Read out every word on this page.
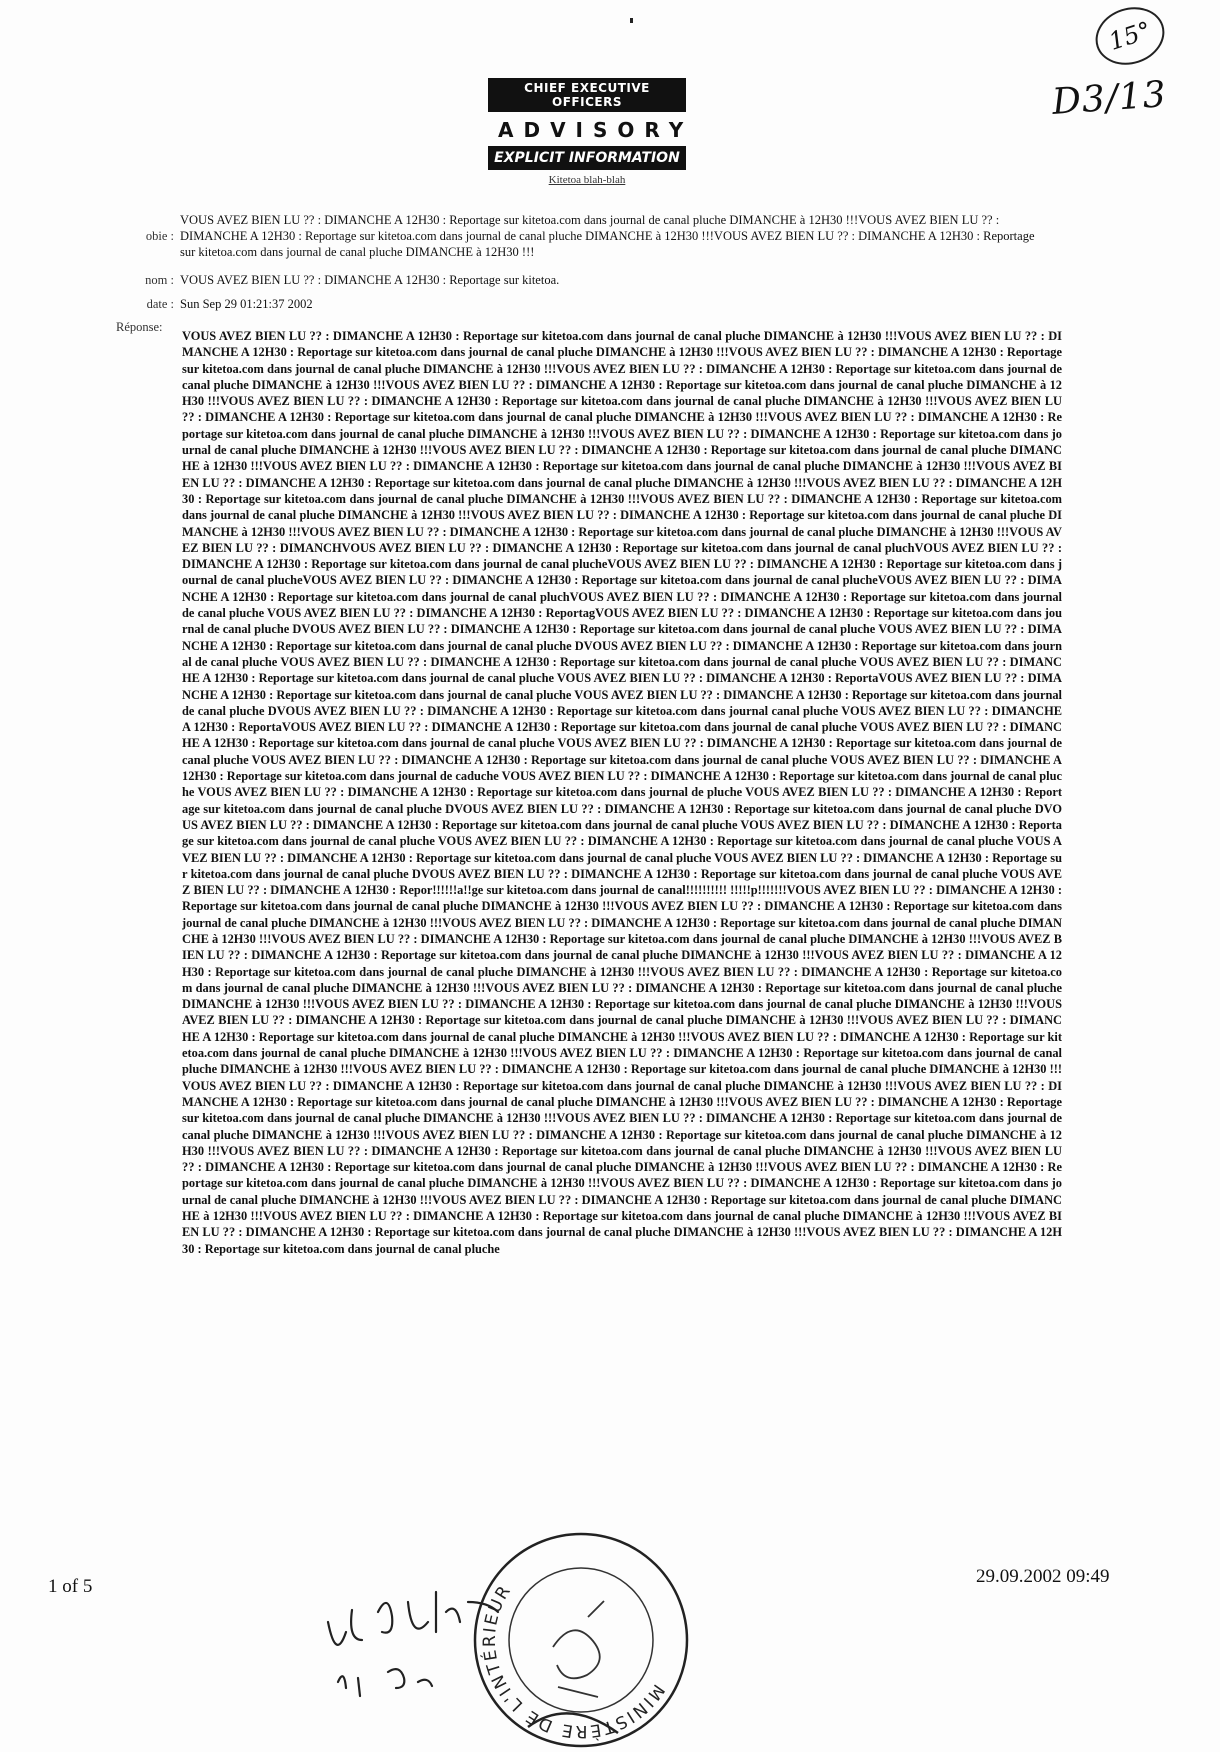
15°
D3/13
CHIEF EXECUTIVE OFFICERS
ADVISORY
EXPLICIT INFORMATION
Kitetoa blah-blah
obie :
VOUS AVEZ BIEN LU ?? : DIMANCHE A 12H30 : Reportage sur kitetoa.com dans journal de canal pluche DIMANCHE à 12H30 !!!VOUS AVEZ BIEN LU ?? : DIMANCHE A 12H30 : Reportage sur kitetoa.com dans journal de canal pluche DIMANCHE à 12H30 !!!VOUS AVEZ BIEN LU ?? : DIMANCHE A 12H30 : Reportage sur kitetoa.com dans journal de canal pluche DIMANCHE à 12H30 !!!
nom : VOUS AVEZ BIEN LU ?? : DIMANCHE A 12H30 : Reportage sur kitetoa.
date : Sun Sep 29 01:21:37 2002
Réponse:
VOUS AVEZ BIEN LU ?? : DIMANCHE A 12H30 : Reportage sur kitetoa.com dans journal de canal pluche DIMANCHE à 12H30 !!!VOUS AVEZ BIEN LU ?? : DIMANCHE A 12H30 : Reportage sur kitetoa.com dans journal de canal pluche DIMANCHE à 12H30 !!!VOUS AVEZ BIEN LU ?? : DIMANCHE A 12H30 : Reportage sur kitetoa.com dans journal de canal pluche DIMANCHE à 12H30 !!!VOUS AVEZ BIEN LU ?? : DIMANCHE A 12H30 : Reportage sur kitetoa.com dans journal de canal pluche DIMANCHE à 12H30 !!!VOUS AVEZ BIEN LU ?? : DIMANCHE A 12H30 : Reportage sur kitetoa.com dans journal de canal pluche DIMANCHE à 12H30 !!!VOUS AVEZ BIEN LU ?? : DIMANCHE A 12H30 : Reportage sur kitetoa.com dans journal de canal pluche DIMANCHE à 12H30 !!!VOUS AVEZ BIEN LU ?? : DIMANCHE A 12H30 : Reportage sur kitetoa.com dans journal de canal pluche DIMANCHE à 12H30 !!!VOUS AVEZ BIEN LU ?? : DIMANCHE A 12H30 : Reportage sur kitetoa.com dans journal de canal pluche DIMANCHE à 12H30 !!!VOUS AVEZ BIEN LU ?? : DIMANCHE A 12H30 : Reportage sur kitetoa.com dans journal de canal pluche DIMANCHE à 12H30 !!!VOUS AVEZ BIEN LU ?? : DIMANCHE A 12H30 : Reportage sur kitetoa.com dans journal de canal pluche DIMANCHE à 12H30 !!!VOUS AVEZ BIEN LU ?? : DIMANCHE A 12H30 : Reportage sur kitetoa.com dans journal de canal pluche DIMANCHE à 12H30 !!!VOUS AVEZ BIEN LU ?? : DIMANCHE A 12H30 : Reportage sur kitetoa.com dans journal de canal pluche DIMANCHE à 12H30 !!!VOUS AVEZ BIEN LU ?? : DIMANCHE A 12H30 : Reportage sur kitetoa.com dans journal de canal pluche DIMANCHE à 12H30 !!!VOUS AVEZ BIEN LU ?? : DIMANCHE A 12H30 : Reportage sur kitetoa.com dans journal de canal pluche DIMANCHE à 12H30 !!!VOUS AVEZ BIEN LU ?? : DIMANCHE A 12H30 : Reportage sur kitetoa.com dans journal de canal pluche DIMANCHE à 12H30 !!!VOUS AVEZ BIEN LU ?? : DIMANCHE A 12H30 : Reportage sur kitetoa.com dans journal de canal pluche DIMANCHE à 12H30 !!!VOUS AVEZ BIEN LU ?? : DIMANCHVOUS AVEZ BIEN LU ?? : DIMANCHE A 12H30 : Reportage sur kitetoa.com dans journal de canal pluchVOUS AVEZ BIEN LU ?? : DIMANCHE A 12H30 : Reportage sur kitetoa.com dans journal de canal plucheVOUS AVEZ BIEN LU ?? : DIMANCHE A 12H30 : Reportage sur kitetoa.com dans journal de canal plucheVOUS AVEZ BIEN LU ?? : DIMANCHE A 12H30 : Reportage sur kitetoa.com dans journal de canal plucheVOUS AVEZ BIEN LU ?? : DIMANCHE A 12H30 : Reportage sur kitetoa.com dans journal de canal pluchVOUS AVEZ BIEN LU ?? : DIMANCHE A 12H30 : Reportage sur kitetoa.com dans journal de canal pluche VOUS AVEZ BIEN LU ?? : DIMANCHE A 12H30 : ReportagVOUS AVEZ BIEN LU ?? : DIMANCHE A 12H30 : Reportage sur kitetoa.com dans journal de canal pluche DVOUS AVEZ BIEN LU ?? : DIMANCHE A 12H30 : Reportage sur kitetoa.com dans journal de canal pluche VOUS AVEZ BIEN LU ?? : DIMANCHE A 12H30 : Reportage sur kitetoa.com dans journal de canal pluche DVOUS AVEZ BIEN LU ?? : DIMANCHE A 12H30 : Reportage sur kitetoa.com dans journal de canal pluche VOUS AVEZ BIEN LU ?? : DIMANCHE A 12H30 : Reportage sur kitetoa.com dans journal de canal pluche VOUS AVEZ BIEN LU ?? : DIMANCHE A 12H30 : Reportage sur kitetoa.com dans journal de canal pluche VOUS AVEZ BIEN LU ?? : DIMANCHE A 12H30 : ReportaVOUS AVEZ BIEN LU ?? : DIMANCHE A 12H30 : Reportage sur kitetoa.com dans journal de canal pluche VOUS AVEZ BIEN LU ?? : DIMANCHE A 12H30 : Reportage sur kitetoa.com dans journal de canal pluche DVOUS AVEZ BIEN LU ?? : DIMANCHE A 12H30 : Reportage sur kitetoa.com dans journal canal pluche VOUS AVEZ BIEN LU ?? : DIMANCHE A 12H30 : ReportaVOUS AVEZ BIEN LU ?? : DIMANCHE A 12H30 : Reportage sur kitetoa.com dans journal de canal pluche VOUS AVEZ BIEN LU ?? : DIMANCHE A 12H30 : Reportage sur kitetoa.com dans journal de canal pluche VOUS AVEZ BIEN LU ?? : DIMANCHE A 12H30 : Reportage sur kitetoa.com dans journal de canal pluche VOUS AVEZ BIEN LU ?? : DIMANCHE A 12H30 : Reportage sur kitetoa.com dans journal de canal pluche VOUS AVEZ BIEN LU ?? : DIMANCHE A 12H30 : Reportage sur kitetoa.com dans journal de caduche VOUS AVEZ BIEN LU ?? : DIMANCHE A 12H30 : Reportage sur kitetoa.com dans journal de canal pluche VOUS AVEZ BIEN LU ?? : DIMANCHE A 12H30 : Reportage sur kitetoa.com dans journal de pluche VOUS AVEZ BIEN LU ?? : DIMANCHE A 12H30 : Reportage sur kitetoa.com dans journal de canal pluche DVOUS AVEZ BIEN LU ?? : DIMANCHE A 12H30 : Reportage sur kitetoa.com dans journal de canal pluche DVOUS AVEZ BIEN LU ?? : DIMANCHE A 12H30 : Reportage sur kitetoa.com dans journal de canal pluche VOUS AVEZ BIEN LU ?? : DIMANCHE A 12H30 : Reportage sur kitetoa.com dans journal de canal pluche VOUS AVEZ BIEN LU ?? : DIMANCHE A 12H30 : Reportage sur kitetoa.com dans journal de canal pluche VOUS AVEZ BIEN LU ?? : DIMANCHE A 12H30 : Reportage sur kitetoa.com dans journal de canal pluche VOUS AVEZ BIEN LU ?? : DIMANCHE A 12H30 : Reportage sur kitetoa.com dans journal de canal pluche DVOUS AVEZ BIEN LU ?? : DIMANCHE A 12H30 : Reportage sur kitetoa.com dans journal de canal pluche VOUS AVEZ BIEN LU ?? : DIMANCHE A 12H30 : Repor!!!!!!a!!ge sur kitetoa.com dans journal de canal!!!!!!!!!! !!!!!p!!!!!!!VOUS AVEZ BIEN LU ?? : DIMANCHE A 12H30 : Reportage sur kitetoa.com dans journal de canal pluche DIMANCHE à 12H30 !!!VOUS AVEZ BIEN LU ?? : DIMANCHE A 12H30 : Reportage sur kitetoa.com dans journal de canal pluche DIMANCHE à 12H30 !!!VOUS AVEZ BIEN LU ?? : DIMANCHE A 12H30 : Reportage sur kitetoa.com dans journal de canal pluche DIMANCHE à 12H30 !!!VOUS AVEZ BIEN LU ?? : DIMANCHE A 12H30 : Reportage sur kitetoa.com dans journal de canal pluche DIMANCHE à 12H30 !!!VOUS AVEZ BIEN LU ?? : DIMANCHE A 12H30 : Reportage sur kitetoa.com dans journal de canal pluche DIMANCHE à 12H30 !!!VOUS AVEZ BIEN LU ?? : DIMANCHE A 12H30 : Reportage sur kitetoa.com dans journal de canal pluche DIMANCHE à 12H30 !!!VOUS AVEZ BIEN LU ?? : DIMANCHE A 12H30 : Reportage sur kitetoa.com dans journal de canal pluche DIMANCHE à 12H30 !!!VOUS AVEZ BIEN LU ?? : DIMANCHE A 12H30 : Reportage sur kitetoa.com dans journal de canal pluche DIMANCHE à 12H30 !!!VOUS AVEZ BIEN LU ?? : DIMANCHE A 12H30 : Reportage sur kitetoa.com dans journal de canal pluche DIMANCHE à 12H30 !!!VOUS AVEZ BIEN LU ?? : DIMANCHE A 12H30 : Reportage sur kitetoa.com dans journal de canal pluche DIMANCHE à 12H30 !!!VOUS AVEZ BIEN LU ?? : DIMANCHE A 12H30 : Reportage sur kitetoa.com dans journal de canal pluche DIMANCHE à 12H30 !!!VOUS AVEZ BIEN LU ?? : DIMANCHE A 12H30 : Reportage sur kitetoa.com dans journal de canal pluche DIMANCHE à 12H30 !!!VOUS AVEZ BIEN LU ?? : DIMANCHE A 12H30 : Reportage sur kitetoa.com dans journal de canal pluche DIMANCHE à 12H30 !!!VOUS AVEZ BIEN LU ?? : DIMANCHE A 12H30 : Reportage sur kitetoa.com dans journal de canal pluche DIMANCHE à 12H30 !!!VOUS AVEZ BIEN LU ?? : DIMANCHE A 12H30 : Reportage sur kitetoa.com dans journal de canal pluche DIMANCHE à 12H30 !!!VOUS AVEZ BIEN LU ?? : DIMANCHE A 12H30 : Reportage sur kitetoa.com dans journal de canal pluche DIMANCHE à 12H30 !!!VOUS AVEZ BIEN LU ?? : DIMANCHE A 12H30 : Reportage sur kitetoa.com dans journal de canal pluche DIMANCHE à 12H30 !!!VOUS AVEZ BIEN LU ?? : DIMANCHE A 12H30 : Reportage sur kitetoa.com dans journal de canal pluche DIMANCHE à 12H30 !!!VOUS AVEZ BIEN LU ?? : DIMANCHE A 12H30 : Reportage sur kitetoa.com dans journal de canal pluche DIMANCHE à 12H30 !!!VOUS AVEZ BIEN LU ?? : DIMANCHE A 12H30 : Reportage sur kitetoa.com dans journal de canal pluche DIMANCHE à 12H30 !!!VOUS AVEZ BIEN LU ?? : DIMANCHE A 12H30 : Reportage sur kitetoa.com dans journal de canal pluche DIMANCHE à 12H30 !!!VOUS AVEZ BIEN LU ?? : DIMANCHE A 12H30 : Reportage sur kitetoa.com dans journal de canal pluche DIMANCHE à 12H30 !!!VOUS AVEZ BIEN LU ?? : DIMANCHE A 12H30 : Reportage sur kitetoa.com dans journal de canal pluche DIMANCHE à 12H30 !!!VOUS AVEZ BIEN LU ?? : DIMANCHE A 12H30 : Reportage sur kitetoa.com dans journal de canal pluche DIMANCHE à 12H30 !!!VOUS AVEZ BIEN LU ?? : DIMANCHE A 12H30 : Reportage sur kitetoa.com dans journal de canal pluche DIMANCHE à 12H30 !!!VOUS AVEZ BIEN LU ?? : DIMANCHE A 12H30 : Reportage sur kitetoa.com dans journal de canal pluche DIMANCHE à 12H30 !!!VOUS AVEZ BIEN LU ?? : DIMANCHE A 12H30 : Reportage sur kitetoa.com dans journal de canal pluche
MINISTÈRE DE L'INTÉRIEUR
1 of 5	29.09.2002 09:49
